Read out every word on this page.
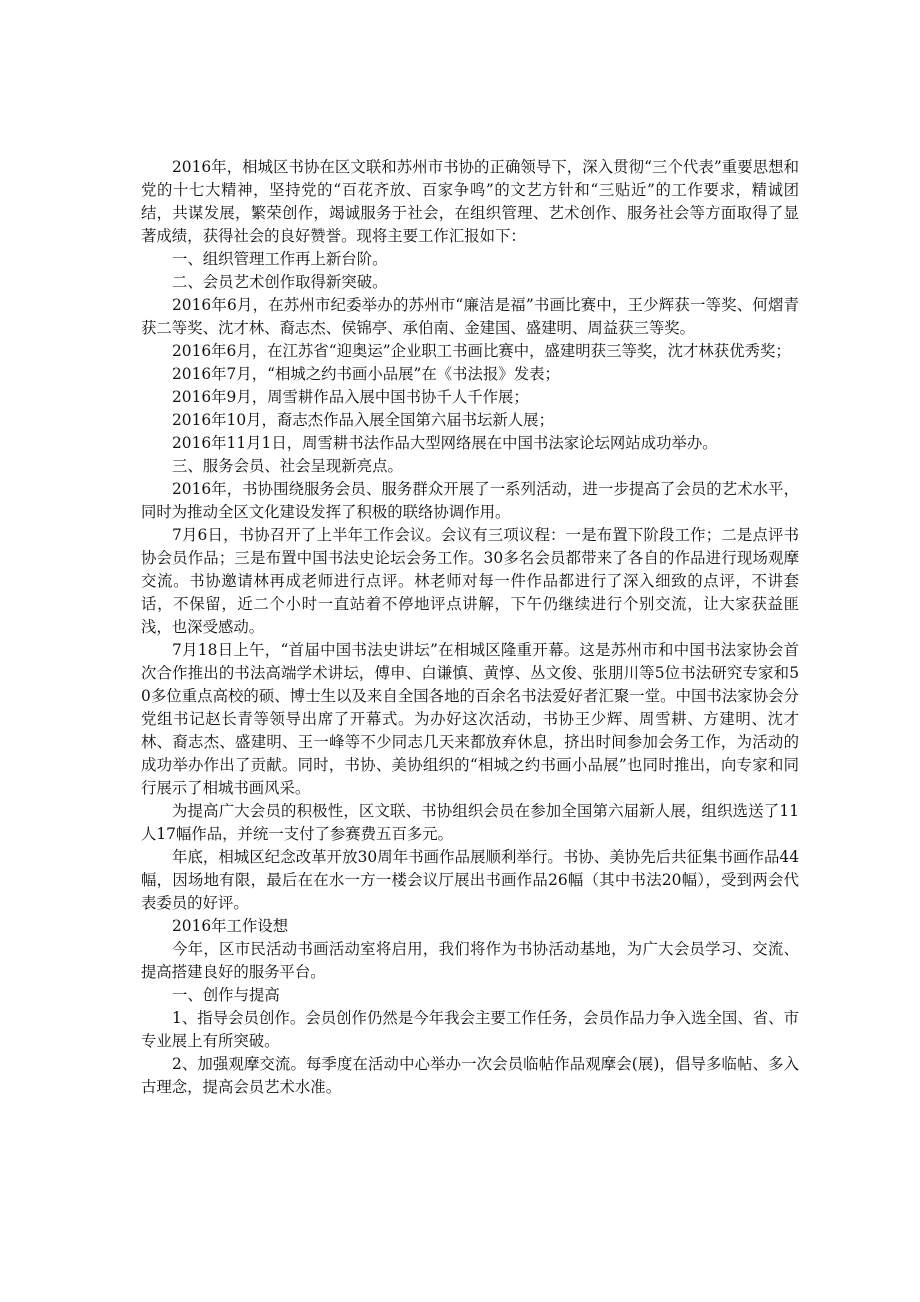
2016年，相城区书协在区文联和苏州市书协的正确领导下，深入贯彻“三个代表”重要思想和党的十七大精神，坚持党的“百花齐放、百家争鸣”的文艺方针和“三贴近”的工作要求，精诚团结，共谋发展，繁荣创作，竭诚服务于社会，在组织管理、艺术创作、服务社会等方面取得了显著成绩，获得社会的良好赞誉。现将主要工作汇报如下：

一、组织管理工作再上新台阶。

二、会员艺术创作取得新突破。

2016年6月，在苏州市纪委举办的苏州市“廉洁是福”书画比赛中，王少辉获一等奖、何熠青获二等奖、沈才林、裔志杰、侯锦亭、承伯南、金建国、盛建明、周益获三等奖。

2016年6月，在江苏省“迎奥运”企业职工书画比赛中，盛建明获三等奖，沈才林获优秀奖；

2016年7月，“相城之约书画小品展”在《书法报》发表；

2016年9月，周雪耕作品入展中国书协千人千作展；

2016年10月，裔志杰作品入展全国第六届书坛新人展；

2016年11月1日，周雪耕书法作品大型网络展在中国书法家论坛网站成功举办。

三、服务会员、社会呈现新亮点。

2016年，书协围绕服务会员、服务群众开展了一系列活动，进一步提高了会员的艺术水平，同时为推动全区文化建设发挥了积极的联络协调作用。

7月6日，书协召开了上半年工作会议。会议有三项议程：一是布置下阶段工作；二是点评书协会员作品；三是布置中国书法史论坛会务工作。30多名会员都带来了各自的作品进行现场观摩交流。书协邀请林再成老师进行点评。林老师对每一件作品都进行了深入细致的点评，不讲套话，不保留，近二个小时一直站着不停地评点讲解，下午仍继续进行个别交流，让大家获益匪浅，也深受感动。

7月18日上午，“首届中国书法史讲坛”在相城区隆重开幕。这是苏州市和中国书法家协会首次合作推出的书法高端学术讲坛，傅申、白谦慎、黄惇、丛文俊、张朋川等5位书法研究专家和50多位重点高校的硕、博士生以及来自全国各地的百余名书法爱好者汇聚一堂。中国书法家协会分党组书记赵长青等领导出席了开幕式。为办好这次活动，书协王少辉、周雪耕、方建明、沈才林、裔志杰、盛建明、王一峰等不少同志几天来都放弃休息，挤出时间参加会务工作，为活动的成功举办作出了贡献。同时，书协、美协组织的“相城之约书画小品展”也同时推出，向专家和同行展示了相城书画风采。

为提高广大会员的积极性，区文联、书协组织会员在参加全国第六届新人展，组织选送了11人17幅作品，并统一支付了参赛费五百多元。

年底，相城区纪念改革开放30周年书画作品展顺利举行。书协、美协先后共征集书画作品44幅，因场地有限，最后在在水一方一楼会议厅展出书画作品26幅（其中书法20幅），受到两会代表委员的好评。

2016年工作设想

今年，区市民活动书画活动室将启用，我们将作为书协活动基地，为广大会员学习、交流、提高搭建良好的服务平台。

一、创作与提高

1、指导会员创作。会员创作仍然是今年我会主要工作任务，会员作品力争入选全国、省、市专业展上有所突破。

2、加强观摩交流。每季度在活动中心举办一次会员临帖作品观摩会(展)，倡导多临帖、多入古理念，提高会员艺术水准。
